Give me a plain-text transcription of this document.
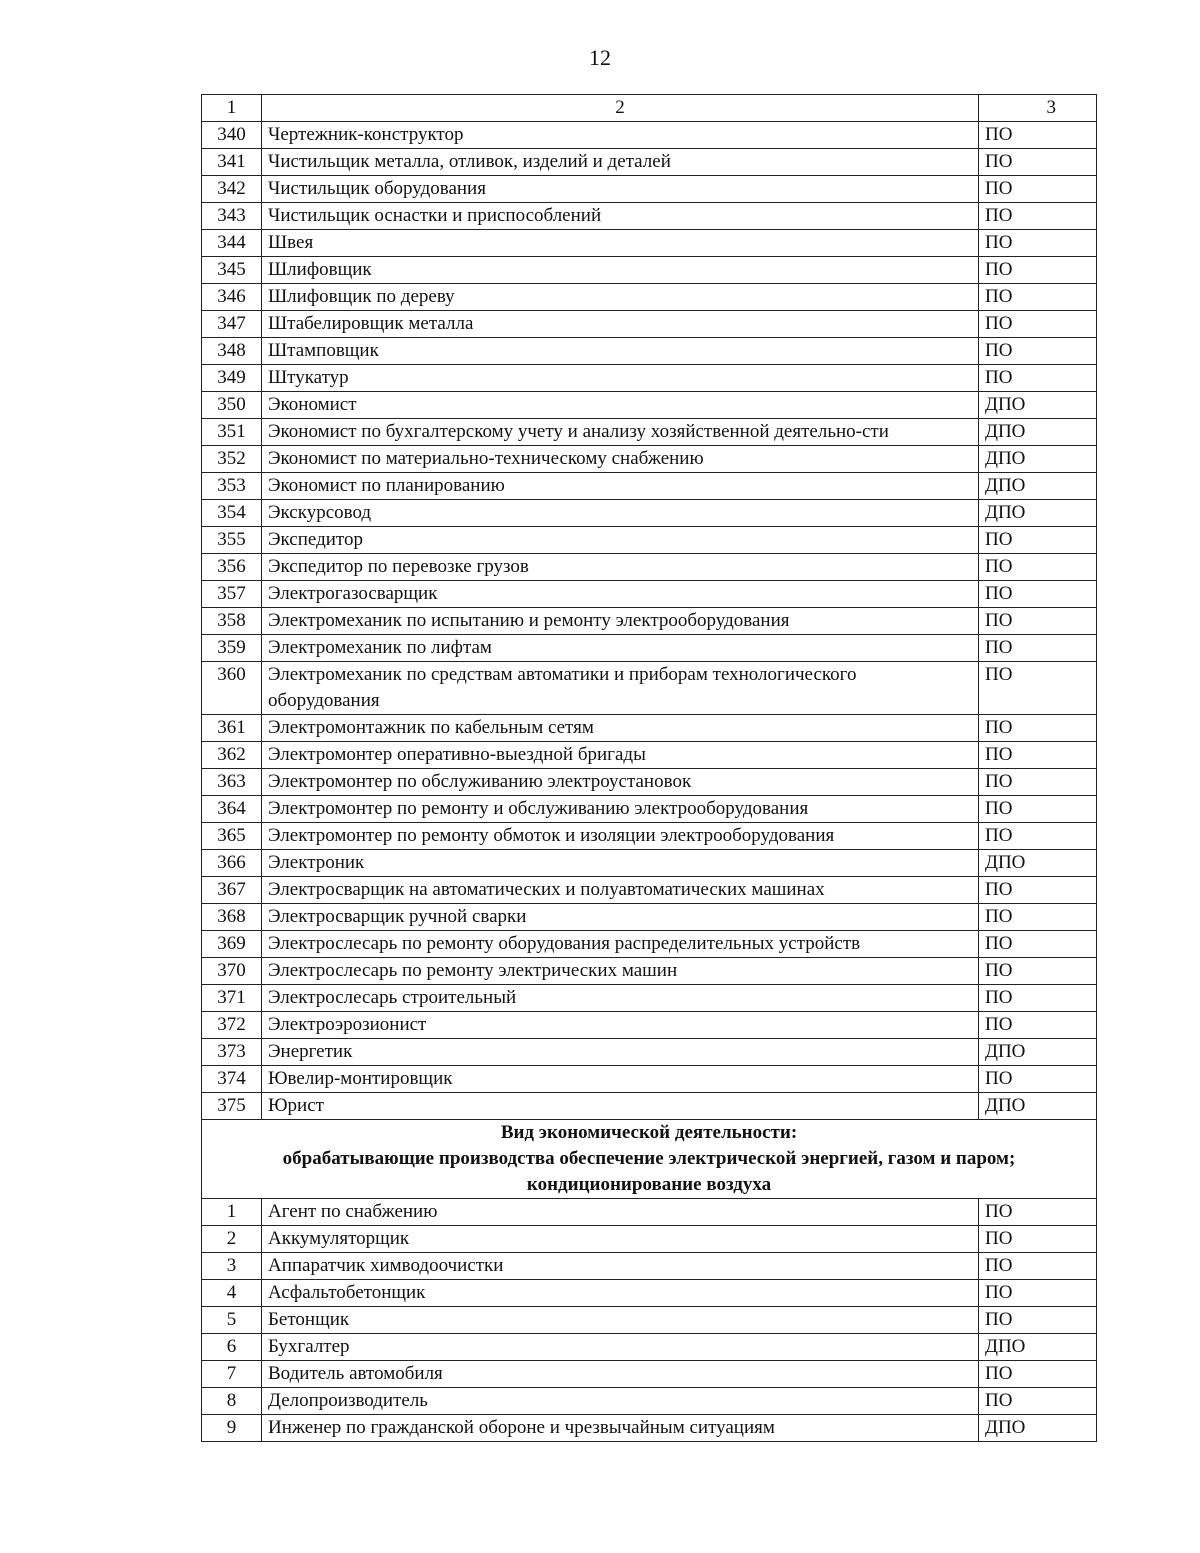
12
1	2	3
340	Чертежник-конструктор	ПО
341	Чистильщик металла, отливок, изделий и деталей	ПО
342	Чистильщик оборудования	ПО
343	Чистильщик оснастки и приспособлений	ПО
344	Швея	ПО
345	Шлифовщик	ПО
346	Шлифовщик по дереву	ПО
347	Штабелировщик металла	ПО
348	Штамповщик	ПО
349	Штукатур	ПО
350	Экономист	ДПО
351	Экономист по бухгалтерскому учету и анализу хозяйственной деятельно-сти	ДПО
352	Экономист по материально-техническому снабжению	ДПО
353	Экономист по планированию	ДПО
354	Экскурсовод	ДПО
355	Экспедитор	ПО
356	Экспедитор по перевозке грузов	ПО
357	Электрогазосварщик	ПО
358	Электромеханик по испытанию и ремонту электрооборудования	ПО
359	Электромеханик по лифтам	ПО
360	Электромеханик по средствам автоматики и приборам технологического оборудования	ПО
361	Электромонтажник по кабельным сетям	ПО
362	Электромонтер оперативно-выездной бригады	ПО
363	Электромонтер по обслуживанию электроустановок	ПО
364	Электромонтер по ремонту и обслуживанию электрооборудования	ПО
365	Электромонтер по ремонту обмоток и изоляции электрооборудования	ПО
366	Электроник	ДПО
367	Электросварщик на автоматических и полуавтоматических машинах	ПО
368	Электросварщик ручной сварки	ПО
369	Электрослесарь по ремонту оборудования распределительных устройств	ПО
370	Электрослесарь по ремонту электрических машин	ПО
371	Электрослесарь строительный	ПО
372	Электроэрозионист	ПО
373	Энергетик	ДПО
374	Ювелир-монтировщик	ПО
375	Юрист	ДПО

Вид экономической деятельности:
обрабатывающие производства обеспечение электрической энергией, газом и паром;
кондиционирование воздуха		

1	Агент по снабжению	ПО
2	Аккумуляторщик	ПО
3	Аппаратчик химводоочистки	ПО
4	Асфальтобетонщик	ПО
5	Бетонщик	ПО
6	Бухгалтер	ДПО
7	Водитель автомобиля	ПО
8	Делопроизводитель	ПО
9	Инженер по гражданской обороне и чрезвычайным ситуациям	ДПО
